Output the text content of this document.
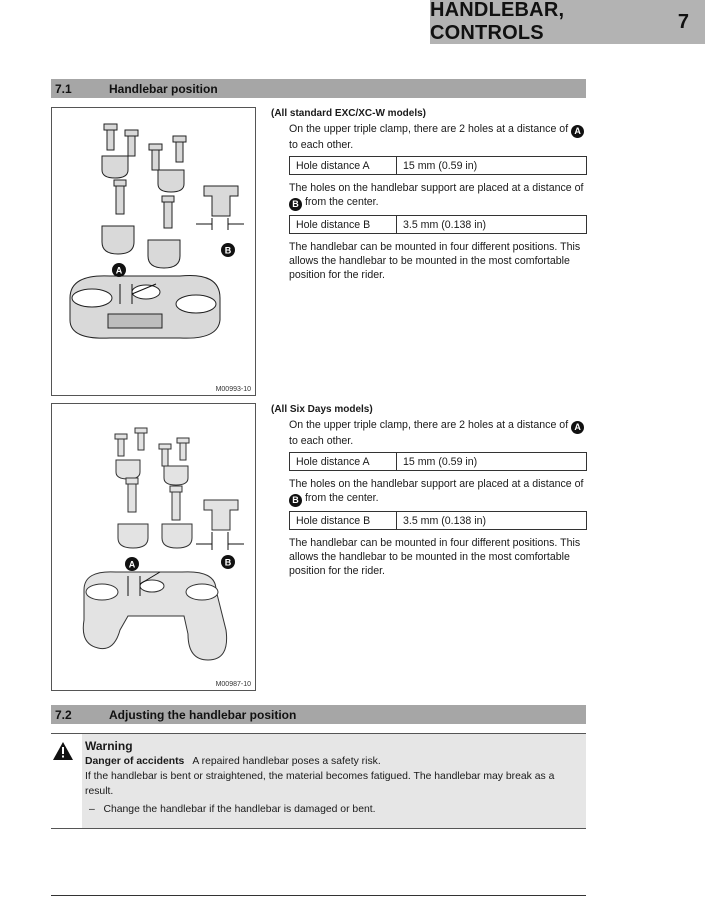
HANDLEBAR, CONTROLS
7
7.1	Handlebar position
A
B
M00993-10
(All standard EXC/XC-W models)

On the upper triple clamp, there are 2 holes at a distance of A to each other.

Hole distance A	15 mm (0.59 in)

The holes on the handlebar support are placed at a distance of B from the center.

Hole distance B	3.5 mm (0.138 in)

The handlebar can be mounted in four different positions. This allows the handlebar to be mounted in the most comfortable position for the rider.

A	B
M00987-10
(All Six Days models)

On the upper triple clamp, there are 2 holes at a distance of A to each other.

Hole distance A	15 mm (0.59 in)

The holes on the handlebar support are placed at a distance of B from the center.

Hole distance B	3.5 mm (0.138 in)

The handlebar can be mounted in four different positions. This allows the handlebar to be mounted in the most comfortable position for the rider.

7.2	Adjusting the handlebar position
Warning
Danger of accidents A repaired handlebar poses a safety risk.
If the handlebar is bent or straightened, the material becomes fatigued. The handlebar may break as a result.
– Change the handlebar if the handlebar is damaged or bent.
